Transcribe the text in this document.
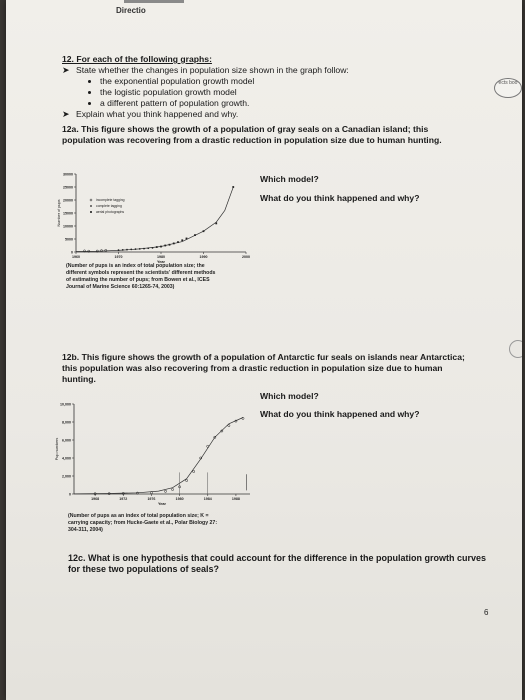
Directio
ects boo
12. For each of the following graphs:
➤ State whether the changes in population size shown in the graph follow:
• the exponential population growth model
• the logistic population growth model
• a different pattern of population growth.
➤ Explain what you think happened and why.
12a. This figure shows the growth of a population of gray seals on a Canadian island; this population was recovering from a drastic reduction in population size due to human hunting.
0
5000
10000
15000
20000
25000
30000
1960	1970	1980	1990	2000
Year
Number of pups	incomplete tagging
complete tagging
aerial photographs
Which model?
What do you think happened and why?
(Number of pups is an index of total population size; the
different symbols represent the scientists' different methods
of estimating the number of pups; from Bowen et al., ICES
Journal of Marine Science 60:1265-74, 2003)
12b. This figure shows the growth of a population of Antarctic fur seals on islands near Antarctica; this population was also recovering from a drastic reduction in population size due to human hunting.
0
2,000
4,000
6,000
8,000
10,000
1968	1972	1976	1980	1984	1988
Year
Pup numbers
Which model?
What do you think happened and why?
(Number of pups as an index of total population size; K =
carrying capacity; from Hucke-Gaete et al., Polar Biology 27:
304-311, 2004)
12c. What is one hypothesis that could account for the difference in the population growth curves for these two populations of seals?
6
